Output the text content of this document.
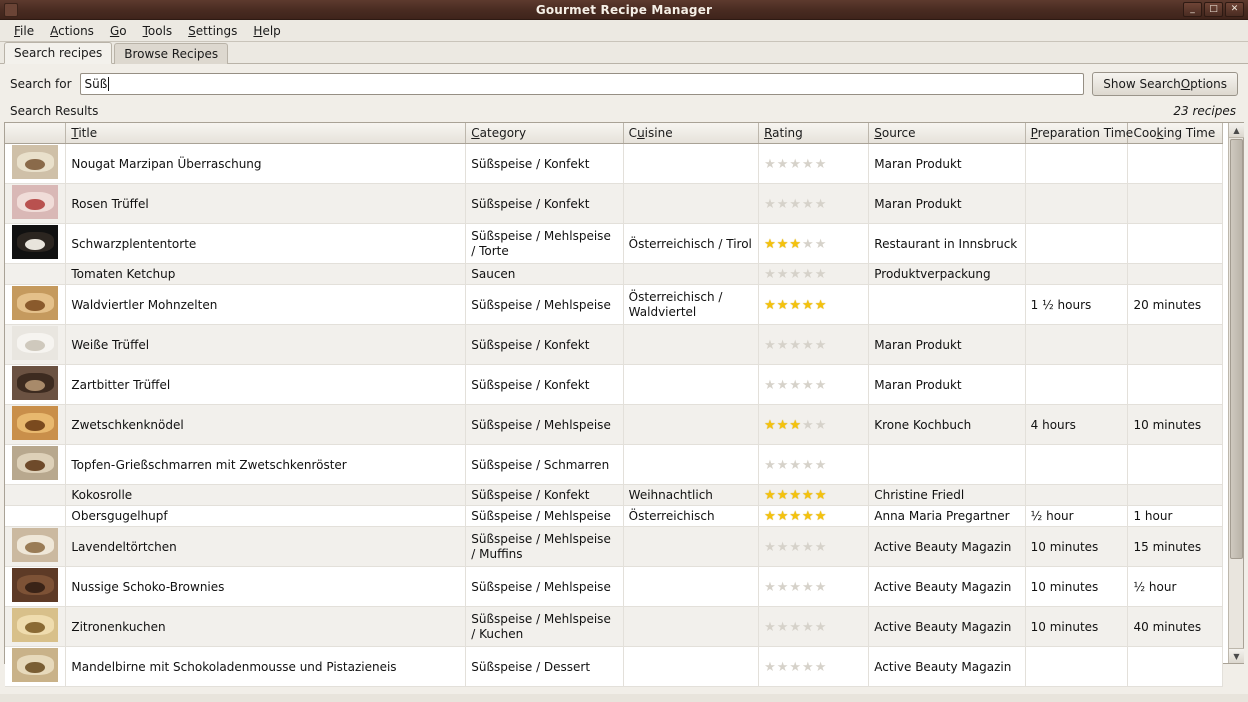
Gourmet Recipe Manager	_	□	✕
File	Actions	Go	Tools	Settings	Help
Search recipes	Browse Recipes
Search for Süß	Show Search O ptions
Search Results	23 recipes
	Title	Category	Cuisine	Rating	Source	Preparation Time	Cooking Time

	Nougat Marzipan Überraschung	Süßspeise / Konfekt		★★★★★	Maran Produkt		

	Rosen Trüffel	Süßspeise / Konfekt		★★★★★	Maran Produkt		

	Schwarzplententorte	Süßspeise / Mehlspeise / Torte	Österreichisch / Tirol	★★★★★	Restaurant in Innsbruck		
	Tomaten Ketchup	Saucen		★★★★★	Produktverpackung		

	Waldviertler Mohnzelten	Süßspeise / Mehlspeise	Österreichisch / Waldviertel	★★★★★		1 ½ hours	20 minutes

	Weiße Trüffel	Süßspeise / Konfekt		★★★★★	Maran Produkt		

	Zartbitter Trüffel	Süßspeise / Konfekt		★★★★★	Maran Produkt		

	Zwetschkenknödel	Süßspeise / Mehlspeise		★★★★★	Krone Kochbuch	4 hours	10 minutes

	Topfen-Grießschmarren mit Zwetschkenröster	Süßspeise / Schmarren		★★★★★			
	Kokosrolle	Süßspeise / Konfekt	Weihnachtlich	★★★★★	Christine Friedl		
	Obersgugelhupf	Süßspeise / Mehlspeise	Österreichisch	★★★★★	Anna Maria Pregartner	½ hour	1 hour

	Lavendeltörtchen	Süßspeise / Mehlspeise / Muffins		★★★★★	Active Beauty Magazin	10 minutes	15 minutes

	Nussige Schoko-Brownies	Süßspeise / Mehlspeise		★★★★★	Active Beauty Magazin	10 minutes	½ hour

	Zitronenkuchen	Süßspeise / Mehlspeise / Kuchen		★★★★★	Active Beauty Magazin	10 minutes	40 minutes

	Mandelbirne mit Schokoladenmousse und Pistazieneis	Süßspeise / Dessert		★★★★★	Active Beauty Magazin		
▲
▼
